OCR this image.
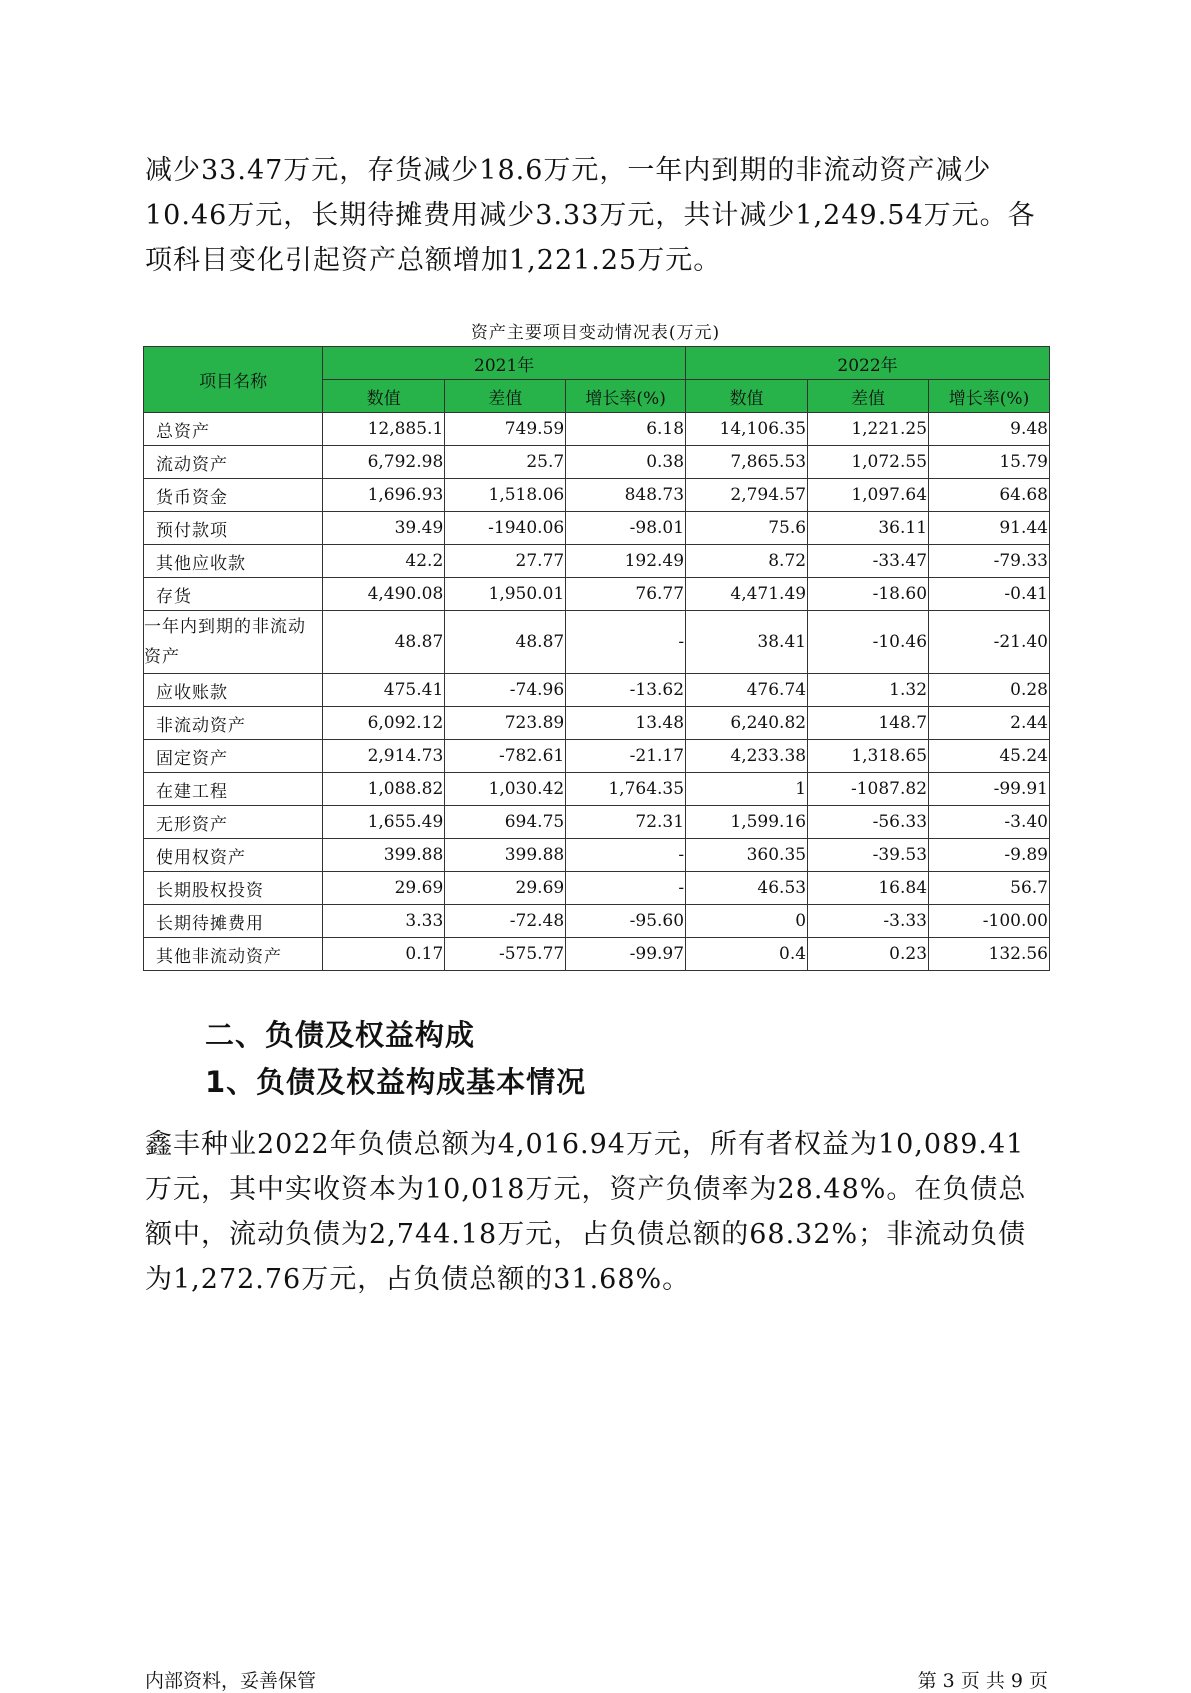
减少33.47万元，存货减少18.6万元，一年内到期的非流动资产减少10.46万元，长期待摊费用减少3.33万元，共计减少1,249.54万元。各项科目变化引起资产总额增加1,221.25万元。

资产主要项目变动情况表(万元)
项目名称	2021年			2022年		
	数值	差值	增长率(%)	数值	差值	增长率(%)
总资产	12,885.1	749.59	6.18	14,106.35	1,221.25	9.48
流动资产	6,792.98	25.7	0.38	7,865.53	1,072.55	15.79
货币资金	1,696.93	1,518.06	848.73	2,794.57	1,097.64	64.68
预付款项	39.49	-1940.06	-98.01	75.6	36.11	91.44
其他应收款	42.2	27.77	192.49	8.72	-33.47	-79.33
存货	4,490.08	1,950.01	76.77	4,471.49	-18.60	-0.41
一年内到期的非流动资产	48.87	48.87	-	38.41	-10.46	-21.40
应收账款	475.41	-74.96	-13.62	476.74	1.32	0.28
非流动资产	6,092.12	723.89	13.48	6,240.82	148.7	2.44
固定资产	2,914.73	-782.61	-21.17	4,233.38	1,318.65	45.24
在建工程	1,088.82	1,030.42	1,764.35	1	-1087.82	-99.91
无形资产	1,655.49	694.75	72.31	1,599.16	-56.33	-3.40
使用权资产	399.88	399.88	-	360.35	-39.53	-9.89
长期股权投资	29.69	29.69	-	46.53	16.84	56.7
长期待摊费用	3.33	-72.48	-95.60	0	-3.33	-100.00
其他非流动资产	0.17	-575.77	-99.97	0.4	0.23	132.56
二、负债及权益构成
1、负债及权益构成基本情况

鑫丰种业2022年负债总额为4,016.94万元，所有者权益为10,089.41万元，其中实收资本为10,018万元，资产负债率为28.48%。在负债总额中，流动负债为2,744.18万元，占负债总额的68.32%；非流动负债为1,272.76万元，占负债总额的31.68%。

内部资料，妥善保管	第 3 页 共 9 页
